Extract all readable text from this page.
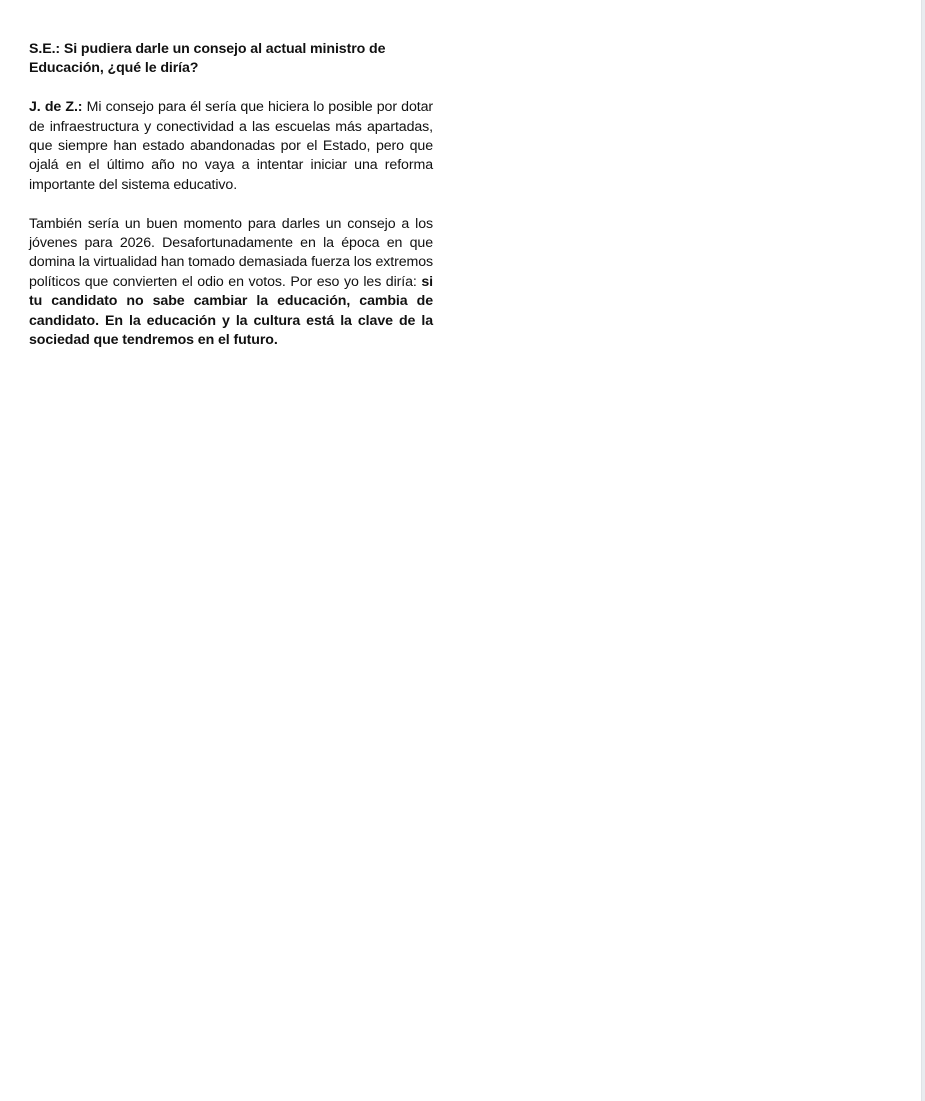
S.E.: Si pudiera darle un consejo al actual ministro de Educación, ¿qué le diría?

J. de Z.: Mi consejo para él sería que hiciera lo posible por dotar de infraestructura y conectividad a las escuelas más apartadas, que siempre han estado abandonadas por el Estado, pero que ojalá en el último año no vaya a intentar iniciar una reforma importante del sistema educativo.

También sería un buen momento para darles un consejo a los jóvenes para 2026. Desafortunadamente en la época en que domina la virtualidad han tomado demasiada fuerza los extremos políticos que convierten el odio en votos. Por eso yo les diría: si tu candidato no sabe cambiar la educación, cambia de candidato. En la educación y la cultura está la clave de la sociedad que tendremos en el futuro.
